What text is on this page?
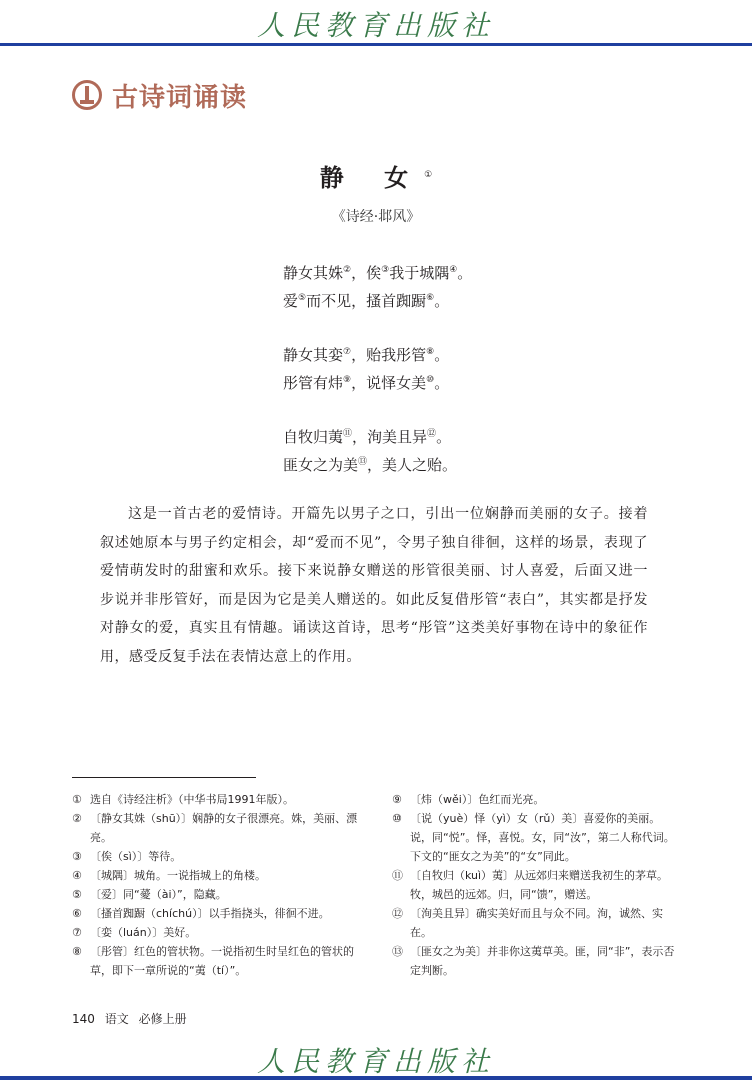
人民教育出版社
古诗词诵读
静 女①
《诗经·邶风》
静女其姝②，俟③我于城隅④。
爱⑤而不见，搔首踟蹰⑥。
静女其娈⑦，贻我彤管⑧。
彤管有炜⑨，说怿女美⑩。
自牧归荑⑪，洵美且异⑫。
匪女之为美⑬，美人之贻。
这是一首古老的爱情诗。开篇先以男子之口，引出一位娴静而美丽的女子。接着叙述她原本与男子约定相会，却“爱而不见”，令男子独自徘徊，这样的场景，表现了爱情萌发时的甜蜜和欢乐。接下来说静女赠送的彤管很美丽、讨人喜爱，后面又进一步说并非彤管好，而是因为它是美人赠送的。如此反复借彤管“表白”，其实都是抒发对静女的爱，真实且有情趣。诵读这首诗，思考“彤管”这类美好事物在诗中的象征作用，感受反复手法在表情达意上的作用。
① 选自《诗经注析》（中华书局1991年版）。
② 〔静女其姝（shū）〕娴静的女子很漂亮。姝，美丽、漂亮。
③ 〔俟（sì）〕等待。
④ 〔城隅〕城角。一说指城上的角楼。
⑤ 〔爱〕同“薆（ài）”，隐藏。
⑥ 〔搔首踟蹰（chíchú）〕以手指挠头，徘徊不进。
⑦ 〔娈（luán）〕美好。
⑧ 〔彤管〕红色的管状物。一说指初生时呈红色的管状的草，即下一章所说的“荑（tí）”。
⑨ 〔炜（wěi）〕色红而光亮。
⑩ 〔说（yuè）怿（yì）女（rǔ）美〕喜爱你的美丽。说，同“悦”。怿，喜悦。女，同“汝”，第二人称代词。下文的“匪女之为美”的“女”同此。
⑪ 〔自牧归（kuì）荑〕从远郊归来赠送我初生的茅草。牧，城邑的远郊。归，同“馈”，赠送。
⑫ 〔洵美且异〕确实美好而且与众不同。洵，诚然、实在。
⑬ 〔匪女之为美〕并非你这荑草美。匪，同“非”，表示否定判断。
140 语文 必修上册
人民教育出版社
